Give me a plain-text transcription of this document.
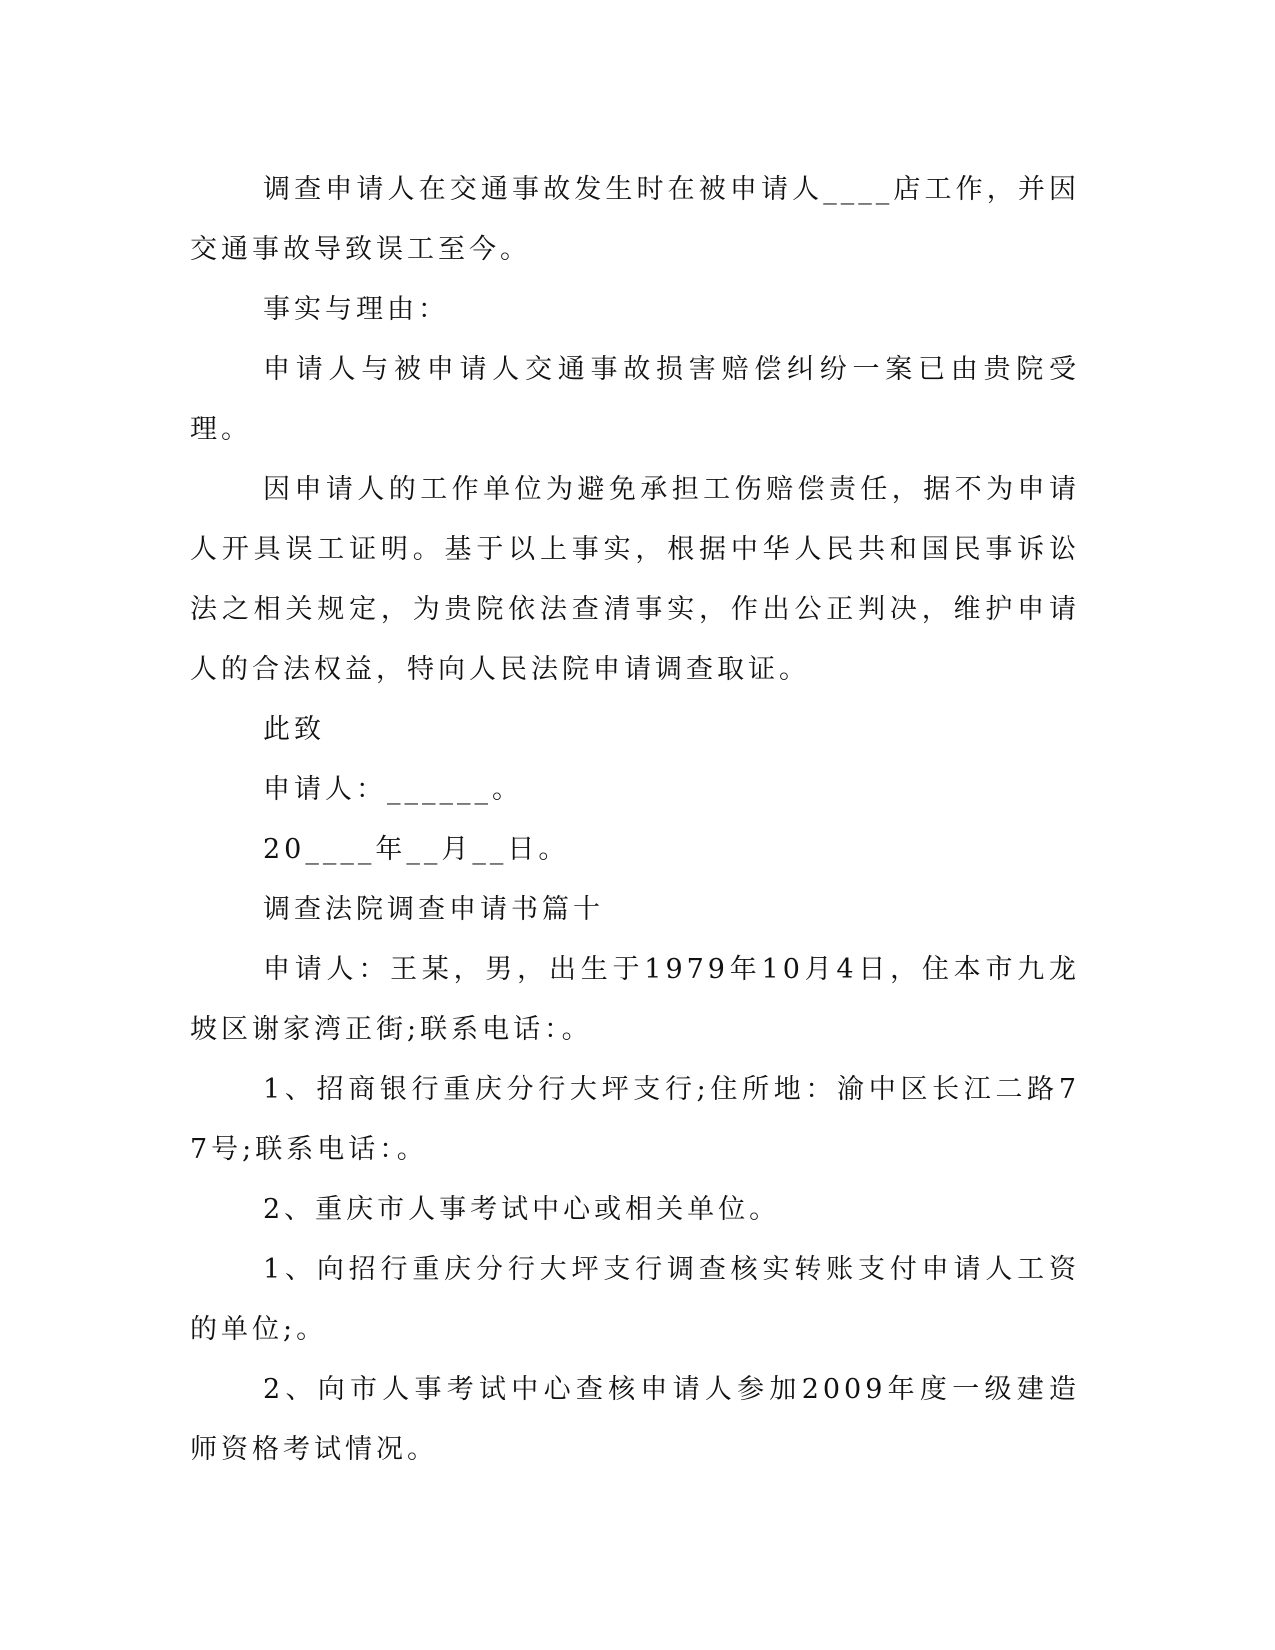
调查申请人在交通事故发生时在被申请人____店工作，并因交通事故导致误工至今。

事实与理由：

申请人与被申请人交通事故损害赔偿纠纷一案已由贵院受理。

因申请人的工作单位为避免承担工伤赔偿责任，据不为申请人开具误工证明。基于以上事实，根据中华人民共和国民事诉讼法之相关规定，为贵院依法查清事实，作出公正判决，维护申请人的合法权益，特向人民法院申请调查取证。

此致

申请人：______。

20____年__月__日。

调查法院调查申请书篇十

申请人：王某，男，出生于1979年10月4日，住本市九龙坡区谢家湾正街;联系电话：。

1、招商银行重庆分行大坪支行;住所地：渝中区长江二路77号;联系电话：。

2、重庆市人事考试中心或相关单位。

1、向招行重庆分行大坪支行调查核实转账支付申请人工资的单位;。

2、向市人事考试中心查核申请人参加2009年度一级建造师资格考试情况。
